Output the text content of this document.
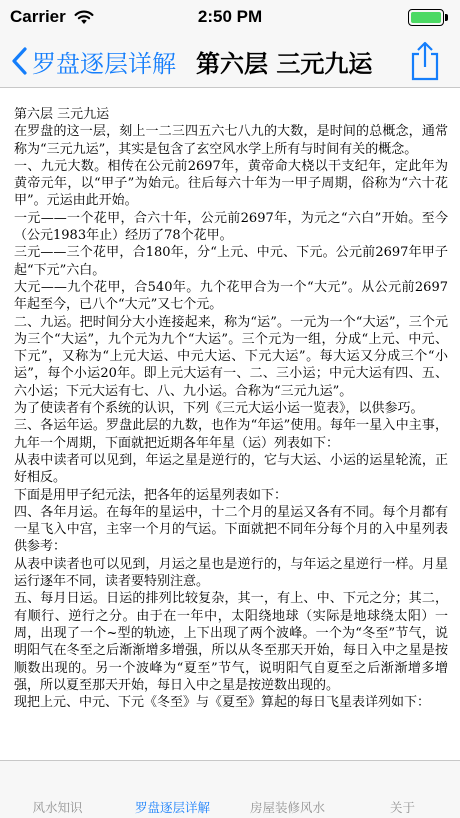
Carrier	2:50 PM
罗盘逐层详解 第六层 三元九运

第六层 三元九运

在罗盘的这一层，刻上一二三四五六七八九的大数，是时间的总概念，通常称为“三元九运”，其实是包含了玄空风水学上所有与时间有关的概念。

一、九元大数。相传在公元前2697年，黄帝命大桡以干支纪年，定此年为黄帝元年，以“甲子”为始元。往后每六十年为一甲子周期，俗称为“六十花甲”。元运由此开始。

一元——一个花甲，合六十年，公元前2697年，为元之“六白”开始。至今（公元1983年止）经历了78个花甲。

三元——三个花甲，合180年，分“上元、中元、下元。公元前2697年甲子起“下元”六白。

大元——九个花甲，合540年。九个花甲合为一个“大元”。从公元前2697年起至今，已八个“大元”又七个元。

二、九运。把时间分大小连接起来，称为“运”。一元为一个“大运”，三个元为三个“大运”，九个元为九个“大运”。三个元为一组，分成“上元、中元、下元”，又称为“上元大运、中元大运、下元大运”。每大运又分成三个“小运”，每个小运20年。即上元大运有一、二、三小运；中元大运有四、五、六小运；下元大运有七、八、九小运。合称为“三元九运”。

为了使读者有个系统的认识，下列《三元大运小运一览表》，以供参巧。

三、各运年运。罗盘此层的九数，也作为“年运”使用。每年一星入中主事，九年一个周期，下面就把近期各年年星（运）列表如下：

从表中读者可以见到，年运之星是逆行的，它与大运、小运的运星轮流，正好相反。

下面是用甲子纪元法，把各年的运星列表如下：

四、各年月运。在每年的星运中，十二个月的星运又各有不同。每个月都有一星飞入中宫，主宰一个月的气运。下面就把不同年分每个月的入中星列表供参考：

从表中读者也可以见到，月运之星也是逆行的，与年运之星逆行一样。月星运行逐年不同，读者要特别注意。

五、每月日运。日运的排列比较复杂，其一，有上、中、下元之分；其二，有顺行、逆行之分。由于在一年中，太阳绕地球（实际是地球绕太阳）一周，出现了一个~型的轨迹，上下出现了两个波峰。一个为“冬至”节气，说明阳气在冬至之后渐渐增多增强，所以从冬至那天开始，每日入中之星是按顺数出现的。另一个波峰为“夏至”节气，说明阳气自夏至之后渐渐增多增强，所以夏至那天开始，每日入中之星是按逆数出现的。

现把上元、中元、下元《冬至》与《夏至》算起的每日飞星表详列如下：

风水知识	罗盘逐层详解	房屋装修风水	关于
